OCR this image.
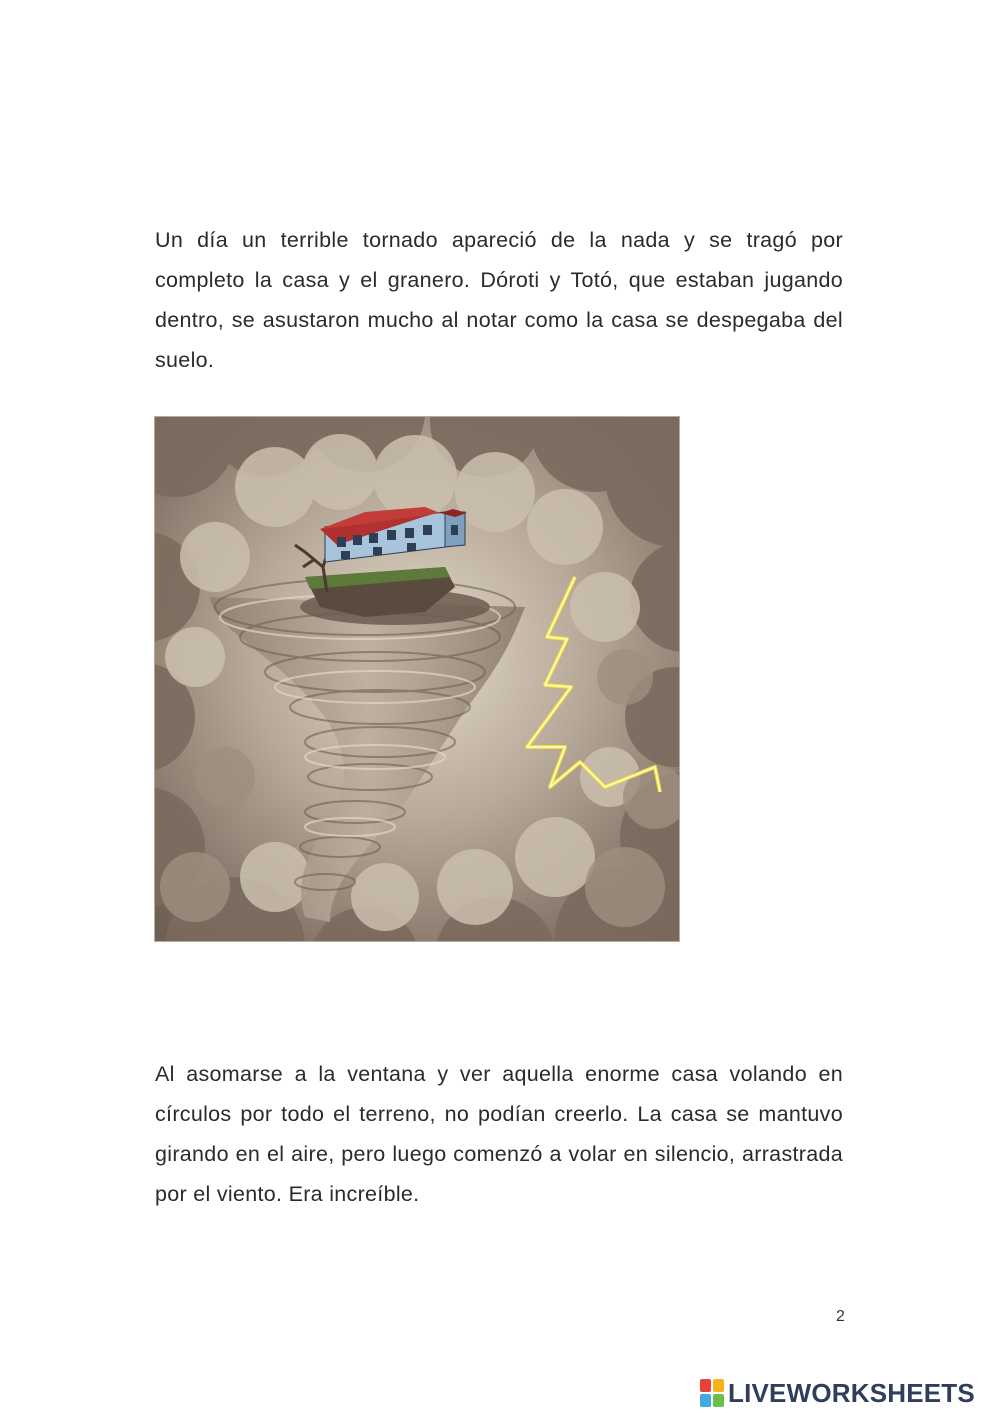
Un día un terrible tornado apareció de la nada y se tragó por completo la casa y el granero. Dóroti y Totó, que estaban jugando dentro, se asustaron mucho al notar como la casa se despegaba del suelo.

Al asomarse a la ventana y ver aquella enorme casa volando en círculos por todo el terreno, no podían creerlo. La casa se mantuvo girando en el aire, pero luego comenzó a volar en silencio, arrastrada por el viento. Era increíble.

2
LIVEWORKSHEETS
